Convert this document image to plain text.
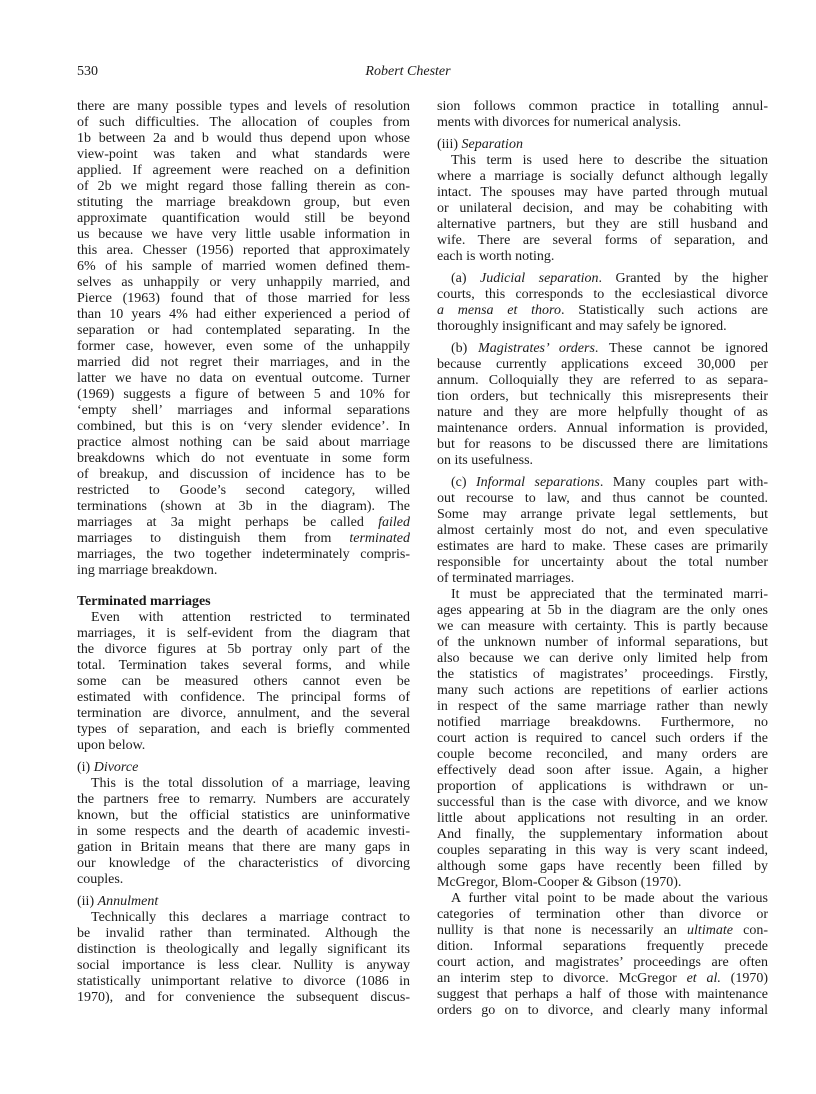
530	Robert Chester
there are many possible types and levels of resolution
of such difficulties. The allocation of couples from
1b between 2a and b would thus depend upon whose
view-point was taken and what standards were
applied. If agreement were reached on a definition
of 2b we might regard those falling therein as con-
stituting the marriage breakdown group, but even
approximate quantification would still be beyond
us because we have very little usable information in
this area. Chesser (1956) reported that approximately
6% of his sample of married women defined them-
selves as unhappily or very unhappily married, and
Pierce (1963) found that of those married for less
than 10 years 4% had either experienced a period of
separation or had contemplated separating. In the
former case, however, even some of the unhappily
married did not regret their marriages, and in the
latter we have no data on eventual outcome. Turner
(1969) suggests a figure of between 5 and 10% for
‘empty shell’ marriages and informal separations
combined, but this is on ‘very slender evidence’. In
practice almost nothing can be said about marriage
breakdowns which do not eventuate in some form
of breakup, and discussion of incidence has to be
restricted to Goode’s second category, willed
terminations (shown at 3b in the diagram). The
marriages at 3a might perhaps be called failed
marriages to distinguish them from terminated
marriages, the two together indeterminately compris-
ing marriage breakdown.
Terminated marriages
Even with attention restricted to terminated
marriages, it is self-evident from the diagram that
the divorce figures at 5b portray only part of the
total. Termination takes several forms, and while
some can be measured others cannot even be
estimated with confidence. The principal forms of
termination are divorce, annulment, and the several
types of separation, and each is briefly commented
upon below.
(i) Divorce
This is the total dissolution of a marriage, leaving
the partners free to remarry. Numbers are accurately
known, but the official statistics are uninformative
in some respects and the dearth of academic investi-
gation in Britain means that there are many gaps in
our knowledge of the characteristics of divorcing
couples.
(ii) Annulment
Technically this declares a marriage contract to
be invalid rather than terminated. Although the
distinction is theologically and legally significant its
social importance is less clear. Nullity is anyway
statistically unimportant relative to divorce (1086 in
1970), and for convenience the subsequent discus-
sion follows common practice in totalling annul-
ments with divorces for numerical analysis.
(iii) Separation
This term is used here to describe the situation
where a marriage is socially defunct although legally
intact. The spouses may have parted through mutual
or unilateral decision, and may be cohabiting with
alternative partners, but they are still husband and
wife. There are several forms of separation, and
each is worth noting.
(a) Judicial separation. Granted by the higher
courts, this corresponds to the ecclesiastical divorce
a mensa et thoro. Statistically such actions are
thoroughly insignificant and may safely be ignored.
(b) Magistrates’ orders. These cannot be ignored
because currently applications exceed 30,000 per
annum. Colloquially they are referred to as separa-
tion orders, but technically this misrepresents their
nature and they are more helpfully thought of as
maintenance orders. Annual information is provided,
but for reasons to be discussed there are limitations
on its usefulness.
(c) Informal separations. Many couples part with-
out recourse to law, and thus cannot be counted.
Some may arrange private legal settlements, but
almost certainly most do not, and even speculative
estimates are hard to make. These cases are primarily
responsible for uncertainty about the total number
of terminated marriages.
It must be appreciated that the terminated marri-
ages appearing at 5b in the diagram are the only ones
we can measure with certainty. This is partly because
of the unknown number of informal separations, but
also because we can derive only limited help from
the statistics of magistrates’ proceedings. Firstly,
many such actions are repetitions of earlier actions
in respect of the same marriage rather than newly
notified marriage breakdowns. Furthermore, no
court action is required to cancel such orders if the
couple become reconciled, and many orders are
effectively dead soon after issue. Again, a higher
proportion of applications is withdrawn or un-
successful than is the case with divorce, and we know
little about applications not resulting in an order.
And finally, the supplementary information about
couples separating in this way is very scant indeed,
although some gaps have recently been filled by
McGregor, Blom-Cooper & Gibson (1970).
A further vital point to be made about the various
categories of termination other than divorce or
nullity is that none is necessarily an ultimate con-
dition. Informal separations frequently precede
court action, and magistrates’ proceedings are often
an interim step to divorce. McGregor et al. (1970)
suggest that perhaps a half of those with maintenance
orders go on to divorce, and clearly many informal
